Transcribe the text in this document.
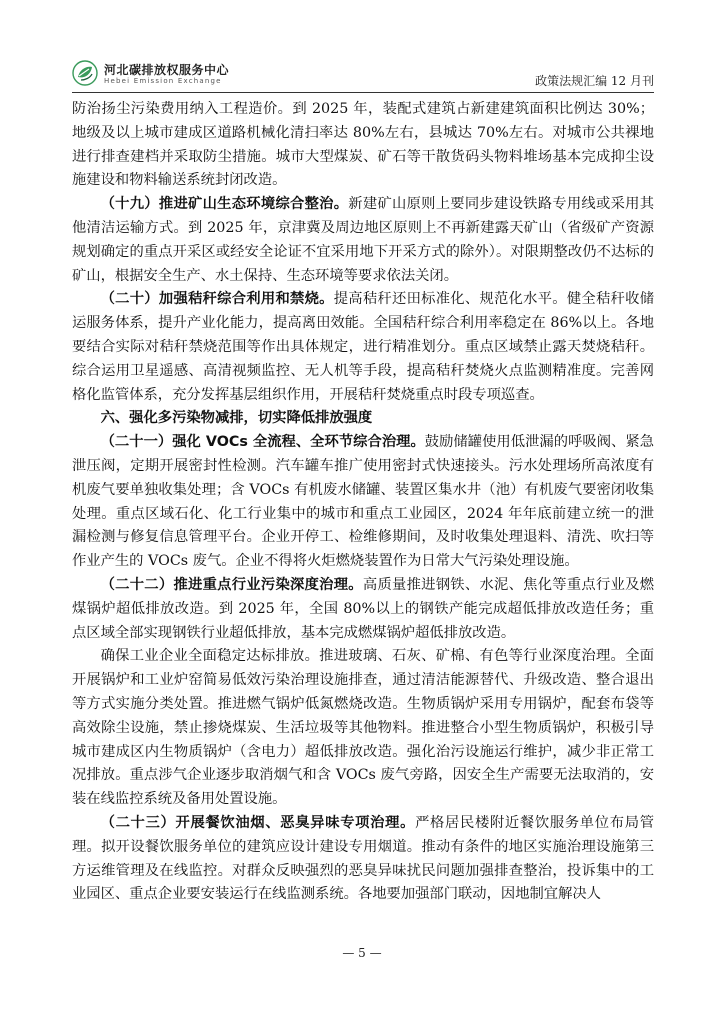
河北碳排放权服务中心
Hebei Emission Exchange	政策法规汇编 12 月刊

防治扬尘污染费用纳入工程造价。到 2025 年，装配式建筑占新建建筑面积比例达 30%；地级及以上城市建成区道路机械化清扫率达 80%左右，县城达 70%左右。对城市公共裸地进行排查建档并采取防尘措施。城市大型煤炭、矿石等干散货码头物料堆场基本完成抑尘设施建设和物料输送系统封闭改造。

（十九）推进矿山生态环境综合整治。新建矿山原则上要同步建设铁路专用线或采用其他清洁运输方式。到 2025 年，京津冀及周边地区原则上不再新建露天矿山（省级矿产资源规划确定的重点开采区或经安全论证不宜采用地下开采方式的除外）。对限期整改仍不达标的矿山，根据安全生产、水土保持、生态环境等要求依法关闭。

（二十）加强秸秆综合利用和禁烧。提高秸秆还田标准化、规范化水平。健全秸秆收储运服务体系，提升产业化能力，提高离田效能。全国秸秆综合利用率稳定在 86%以上。各地要结合实际对秸秆禁烧范围等作出具体规定，进行精准划分。重点区域禁止露天焚烧秸秆。综合运用卫星遥感、高清视频监控、无人机等手段，提高秸秆焚烧火点监测精准度。完善网格化监管体系，充分发挥基层组织作用，开展秸秆焚烧重点时段专项巡查。

六、强化多污染物减排，切实降低排放强度

（二十一）强化 VOCs 全流程、全环节综合治理。鼓励储罐使用低泄漏的呼吸阀、紧急泄压阀，定期开展密封性检测。汽车罐车推广使用密封式快速接头。污水处理场所高浓度有机废气要单独收集处理；含 VOCs 有机废水储罐、装置区集水井（池）有机废气要密闭收集处理。重点区域石化、化工行业集中的城市和重点工业园区，2024 年年底前建立统一的泄漏检测与修复信息管理平台。企业开停工、检维修期间，及时收集处理退料、清洗、吹扫等作业产生的 VOCs 废气。企业不得将火炬燃烧装置作为日常大气污染处理设施。

（二十二）推进重点行业污染深度治理。高质量推进钢铁、水泥、焦化等重点行业及燃煤锅炉超低排放改造。到 2025 年，全国 80%以上的钢铁产能完成超低排放改造任务；重点区域全部实现钢铁行业超低排放，基本完成燃煤锅炉超低排放改造。

确保工业企业全面稳定达标排放。推进玻璃、石灰、矿棉、有色等行业深度治理。全面开展锅炉和工业炉窑简易低效污染治理设施排查，通过清洁能源替代、升级改造、整合退出等方式实施分类处置。推进燃气锅炉低氮燃烧改造。生物质锅炉采用专用锅炉，配套布袋等高效除尘设施，禁止掺烧煤炭、生活垃圾等其他物料。推进整合小型生物质锅炉，积极引导城市建成区内生物质锅炉（含电力）超低排放改造。强化治污设施运行维护，减少非正常工况排放。重点涉气企业逐步取消烟气和含 VOCs 废气旁路，因安全生产需要无法取消的，安装在线监控系统及备用处置设施。

（二十三）开展餐饮油烟、恶臭异味专项治理。严格居民楼附近餐饮服务单位布局管理。拟开设餐饮服务单位的建筑应设计建设专用烟道。推动有条件的地区实施治理设施第三方运维管理及在线监控。对群众反映强烈的恶臭异味扰民问题加强排查整治，投诉集中的工业园区、重点企业要安装运行在线监测系统。各地要加强部门联动，因地制宜解决人

— 5 —
